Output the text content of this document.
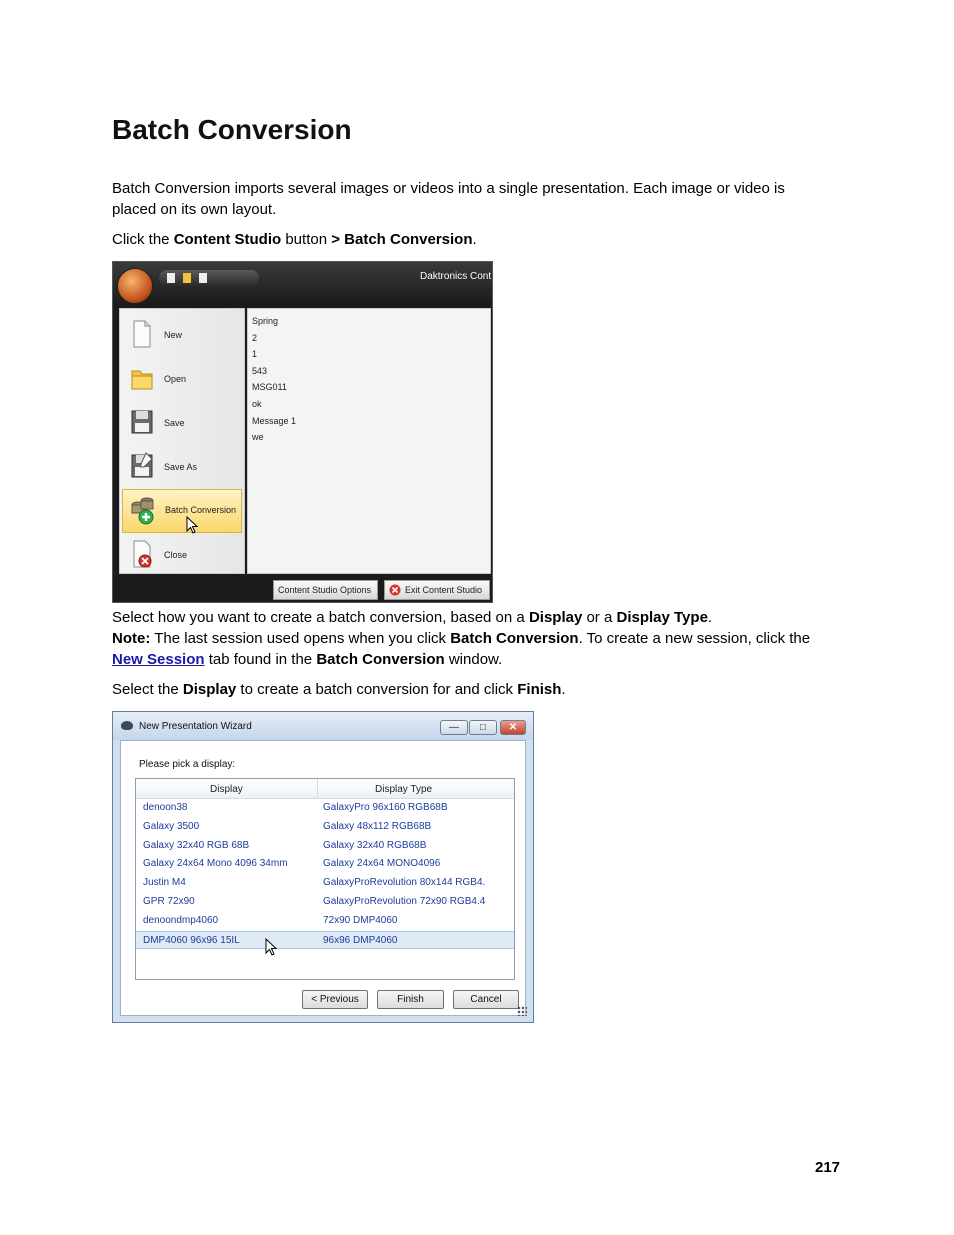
Batch Conversion

Batch Conversion imports several images or videos into a single presentation. Each image or video is placed on its own layout.

Click the Content Studio button > Batch Conversion.

Daktronics Cont
New
Open
Save
Save As
Batch Conversion
Close
Spring
2
1
543
MSG011
ok
Message 1
we
Content Studio Options	Exit Content Studio

Select how you want to create a batch conversion, based on a Display or a Display Type.

Note: The last session used opens when you click Batch Conversion. To create a new session, click the New Session tab found in the Batch Conversion window.

Select the Display to create a batch conversion for and click Finish.

New Presentation Wizard	—	□	✕
Please pick a display:
Display	Display Type
denoon38	GalaxyPro 96x160 RGB68B
Galaxy 3500	Galaxy 48x112 RGB68B
Galaxy 32x40 RGB 68B	Galaxy 32x40 RGB68B
Galaxy 24x64 Mono 4096 34mm	Galaxy 24x64 MONO4096
Justin M4	GalaxyProRevolution 80x144 RGB4.
GPR 72x90	GalaxyProRevolution 72x90 RGB4.4
denoondmp4060	72x90 DMP4060
DMP4060 96x96 15IL	96x96 DMP4060
< Previous	Finish	Cancel
217
